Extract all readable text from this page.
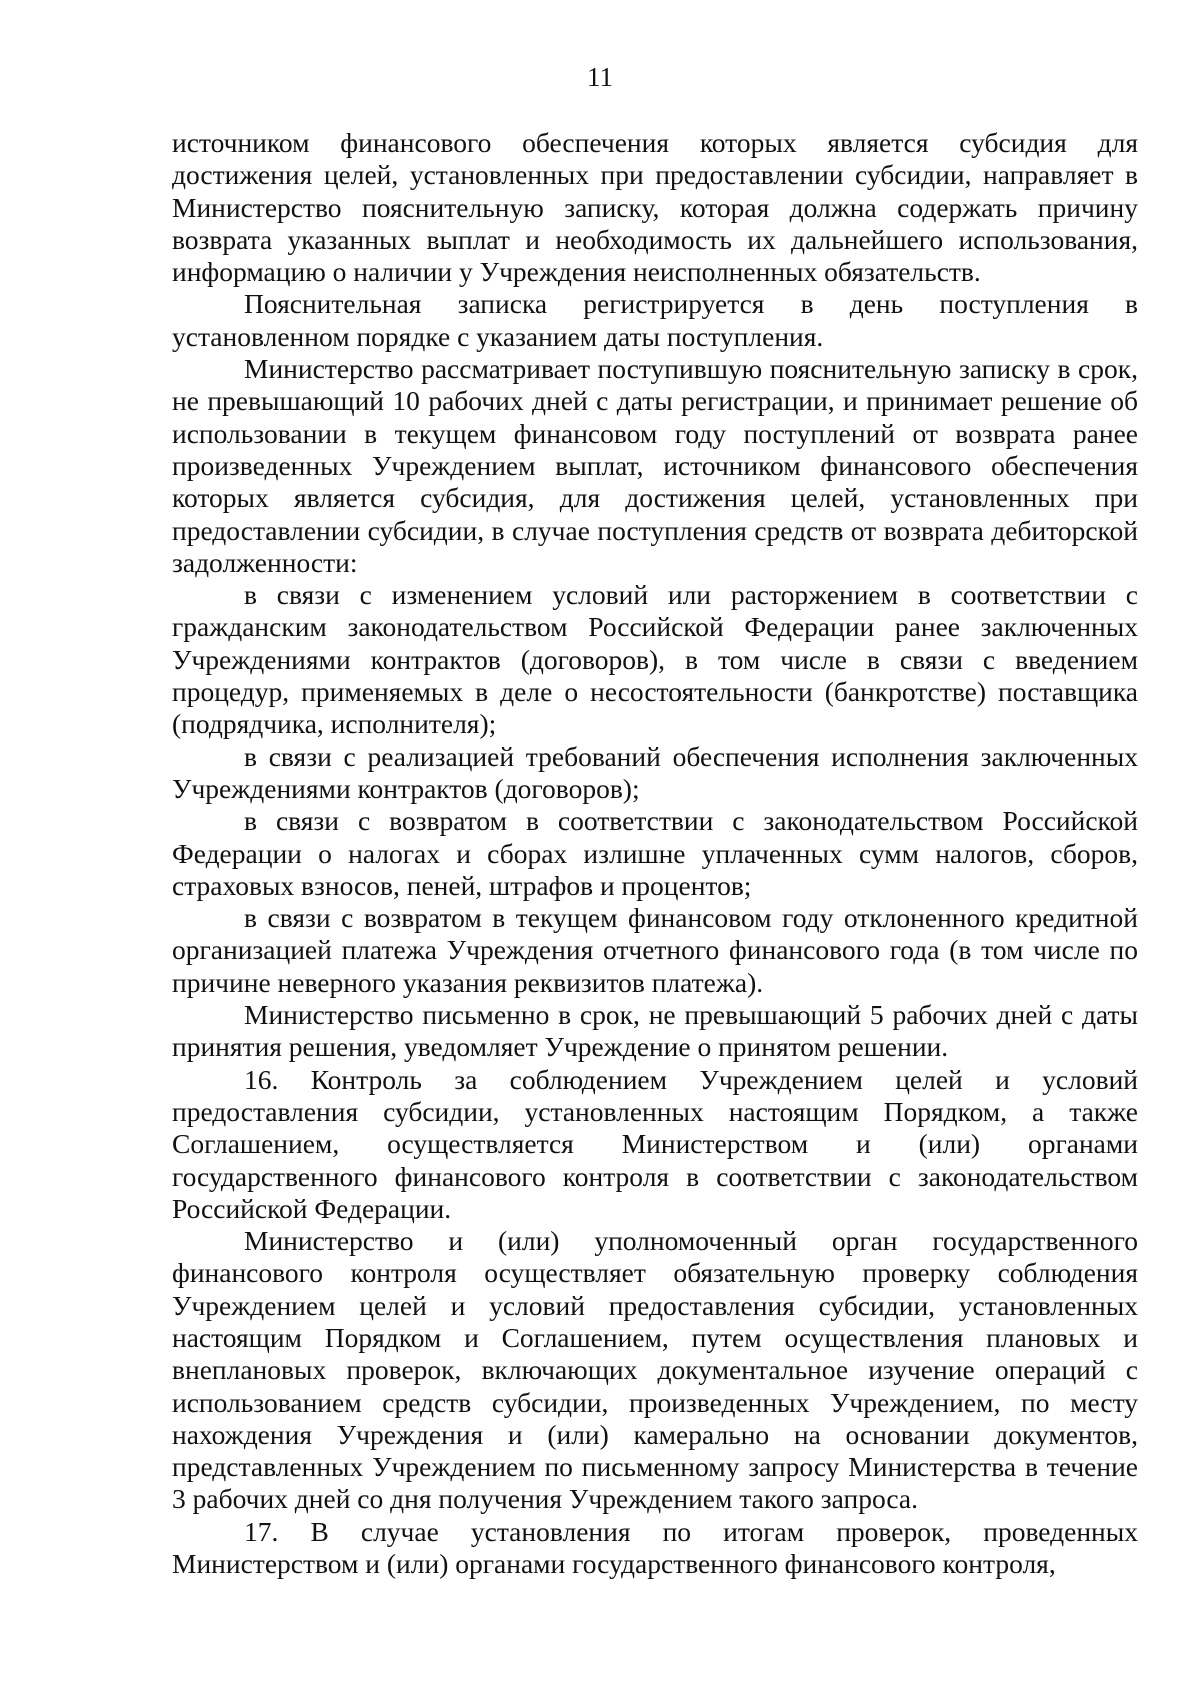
11

источником финансового обеспечения которых является субсидия для достижения целей, установленных при предоставлении субсидии, направляет в Министерство пояснительную записку, которая должна содержать причину возврата указанных выплат и необходимость их дальнейшего использования, информацию о наличии у Учреждения неисполненных обязательств.

Пояснительная записка регистрируется в день поступления в установленном порядке с указанием даты поступления.

Министерство рассматривает поступившую пояснительную записку в срок, не превышающий 10 рабочих дней с даты регистрации, и принимает решение об использовании в текущем финансовом году поступлений от возврата ранее произведенных Учреждением выплат, источником финансового обеспечения которых является субсидия, для достижения целей, установленных при предоставлении субсидии, в случае поступления средств от возврата дебиторской задолженности:

в связи с изменением условий или расторжением в соответствии с гражданским законодательством Российской Федерации ранее заключенных Учреждениями контрактов (договоров), в том числе в связи с введением процедур, применяемых в деле о несостоятельности (банкротстве) поставщика (подрядчика, исполнителя);

в связи с реализацией требований обеспечения исполнения заключенных Учреждениями контрактов (договоров);

в связи с возвратом в соответствии с законодательством Российской Федерации о налогах и сборах излишне уплаченных сумм налогов, сборов, страховых взносов, пеней, штрафов и процентов;

в связи с возвратом в текущем финансовом году отклоненного кредитной организацией платежа Учреждения отчетного финансового года (в том числе по причине неверного указания реквизитов платежа).

Министерство письменно в срок, не превышающий 5 рабочих дней с даты принятия решения, уведомляет Учреждение о принятом решении.

16. Контроль за соблюдением Учреждением целей и условий предоставления субсидии, установленных настоящим Порядком, а также Соглашением, осуществляется Министерством и (или) органами государственного финансового контроля в соответствии с законодательством Российской Федерации.

Министерство и (или) уполномоченный орган государственного финансового контроля осуществляет обязательную проверку соблюдения Учреждением целей и условий предоставления субсидии, установленных настоящим Порядком и Соглашением, путем осуществления плановых и внеплановых проверок, включающих документальное изучение операций с использованием средств субсидии, произведенных Учреждением, по месту нахождения Учреждения и (или) камерально на основании документов, представленных Учреждением по письменному запросу Министерства в течение 3 рабочих дней со дня получения Учреждением такого запроса.

17. В случае установления по итогам проверок, проведенных Министерством и (или) органами государственного финансового контроля,
